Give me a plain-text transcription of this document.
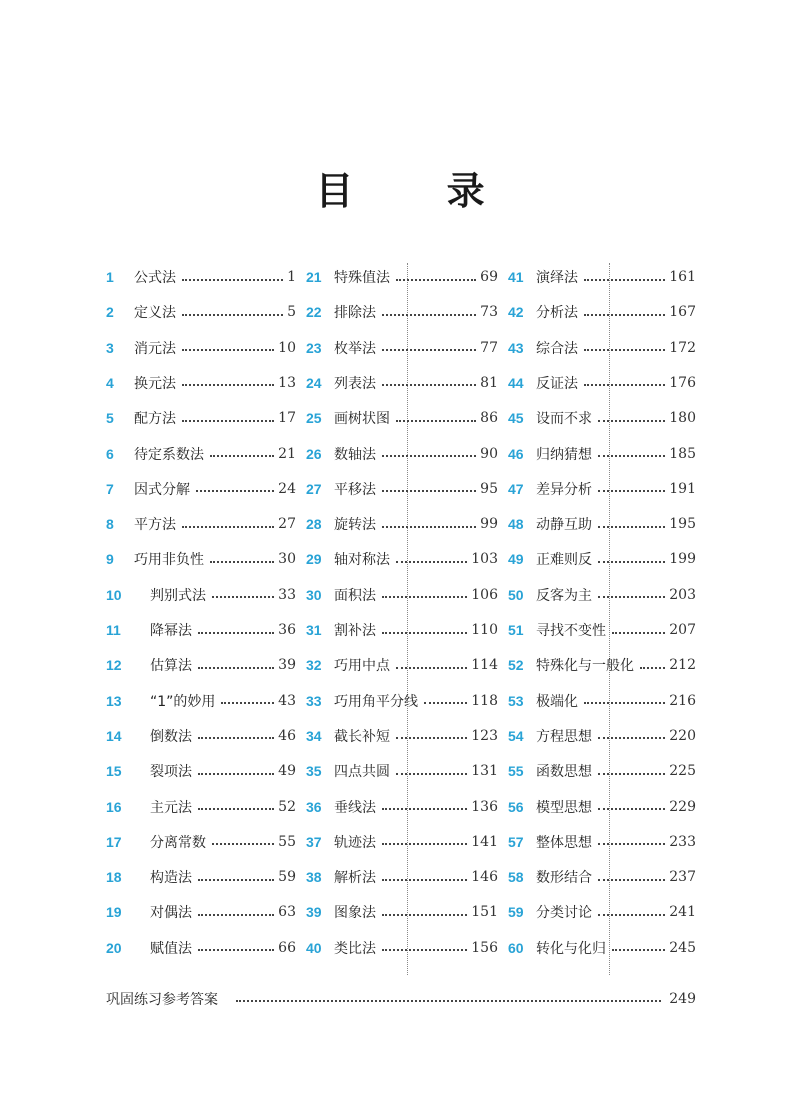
目 录
1	公式法	1
2	定义法	5
3	消元法	10
4	换元法	13
5	配方法	17
6	待定系数法	21
7	因式分解	24
8	平方法	27
9	巧用非负性	30
10	判别式法	33
11	降幂法	36
12	估算法	39
13	“1”的妙用	43
14	倒数法	46
15	裂项法	49
16	主元法	52
17	分离常数	55
18	构造法	59
19	对偶法	63
20	赋值法	66
21 特殊值法	69
22 排除法	73
23 枚举法	77
24 列表法	81
25 画树状图	86
26 数轴法	90
27 平移法	95
28 旋转法	99
29 轴对称法	103
30 面积法	106
31 割补法	110
32 巧用中点	114
33 巧用角平分线	118
34 截长补短	123
35 四点共圆	131
36 垂线法	136
37 轨迹法	141
38 解析法	146
39 图象法	151
40 类比法	156
41 演绎法	161
42 分析法	167
43 综合法	172
44 反证法	176
45 设而不求	180
46 归纳猜想	185
47 差异分析	191
48 动静互助	195
49 正难则反	199
50 反客为主	203
51 寻找不变性	207
52 特殊化与一般化	212
53 极端化	216
54 方程思想	220
55 函数思想	225
56 模型思想	229
57 整体思想	233
58 数形结合	237
59 分类讨论	241
60 转化与化归	245
巩固练习参考答案	249
